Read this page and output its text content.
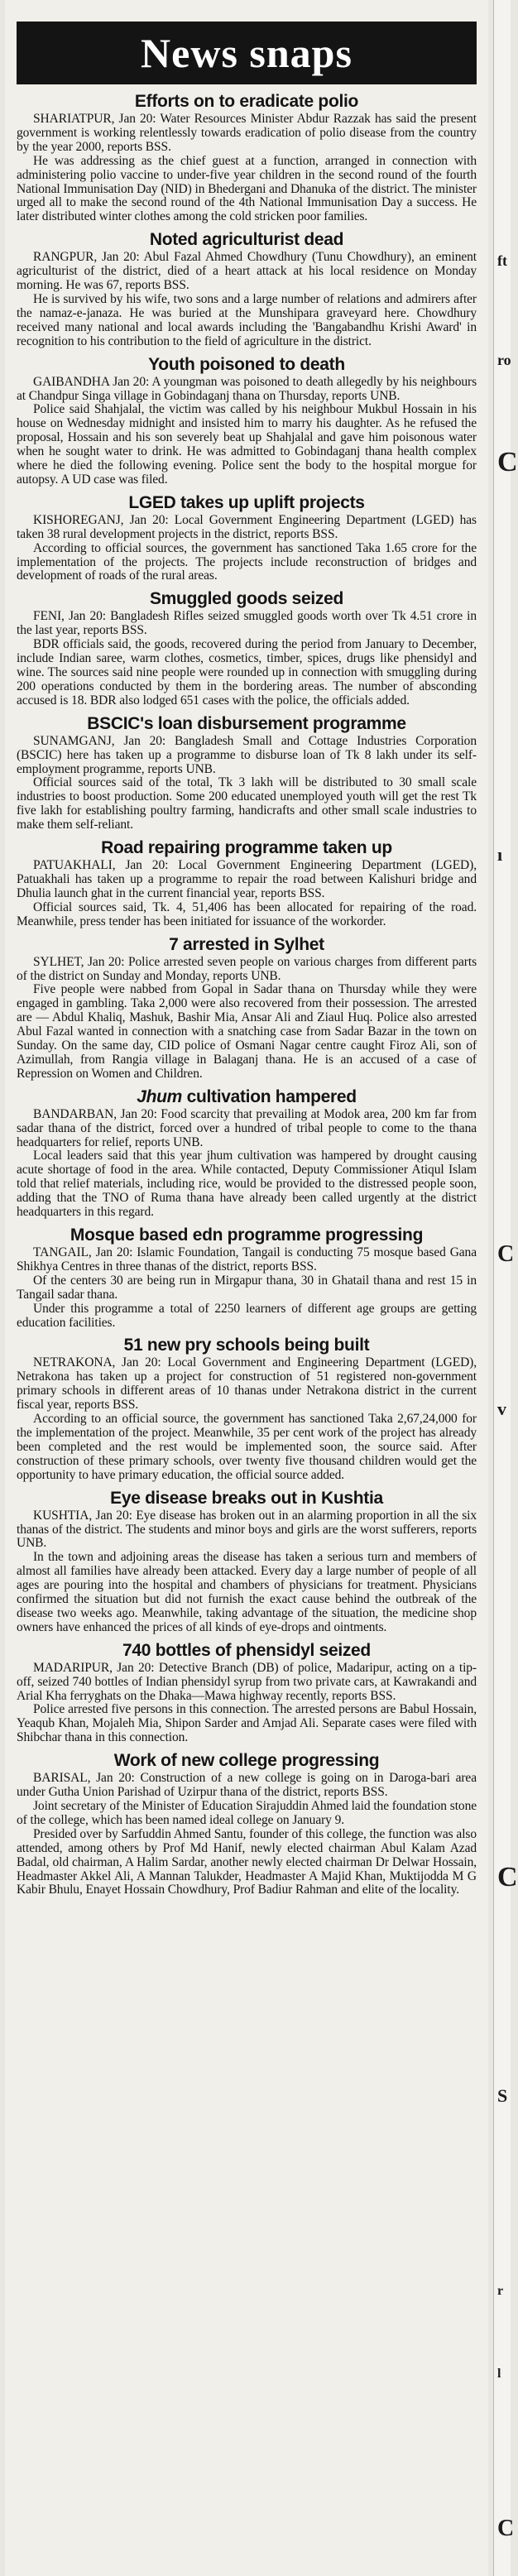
News snaps
Efforts on to eradicate polio

SHARIATPUR, Jan 20: Water Resources Minister Abdur Razzak has said the present government is working relentlessly towards eradication of polio disease from the country by the year 2000, reports BSS.

He was addressing as the chief guest at a function, arranged in connection with administering polio vaccine to under-five year children in the second round of the fourth National Immunisation Day (NID) in Bhedergani and Dhanuka of the district. The minister urged all to make the second round of the 4th National Immunisation Day a success. He later distributed winter clothes among the cold stricken poor families.

Noted agriculturist dead

RANGPUR, Jan 20: Abul Fazal Ahmed Chowdhury (Tunu Chowdhury), an eminent agriculturist of the district, died of a heart attack at his local residence on Monday morning. He was 67, reports BSS.

He is survived by his wife, two sons and a large number of relations and admirers after the namaz-e-janaza. He was buried at the Munshipara graveyard here. Chowdhury received many national and local awards including the 'Bangabandhu Krishi Award' in recognition to his contribution to the field of agriculture in the district.

Youth poisoned to death

GAIBANDHA Jan 20: A youngman was poisoned to death allegedly by his neighbours at Chandpur Singa village in Gobindaganj thana on Thursday, reports UNB.

Police said Shahjalal, the victim was called by his neighbour Mukbul Hossain in his house on Wednesday midnight and insisted him to marry his daughter. As he refused the proposal, Hossain and his son severely beat up Shahjalal and gave him poisonous water when he sought water to drink. He was admitted to Gobindaganj thana health complex where he died the following evening. Police sent the body to the hospital morgue for autopsy. A UD case was filed.

LGED takes up uplift projects

KISHOREGANJ, Jan 20: Local Government Engineering Department (LGED) has taken 38 rural development projects in the district, reports BSS.

According to official sources, the government has sanctioned Taka 1.65 crore for the implementation of the projects. The projects include reconstruction of bridges and development of roads of the rural areas.

Smuggled goods seized

FENI, Jan 20: Bangladesh Rifles seized smuggled goods worth over Tk 4.51 crore in the last year, reports BSS.

BDR officials said, the goods, recovered during the period from January to December, include Indian saree, warm clothes, cosmetics, timber, spices, drugs like phensidyl and wine. The sources said nine people were rounded up in connection with smuggling during 200 operations conducted by them in the bordering areas. The number of absconding accused is 18. BDR also lodged 651 cases with the police, the officials added.

BSCIC's loan disbursement programme

SUNAMGANJ, Jan 20: Bangladesh Small and Cottage Industries Corporation (BSCIC) here has taken up a programme to disburse loan of Tk 8 lakh under its self-employment programme, reports UNB.

Official sources said of the total, Tk 3 lakh will be distributed to 30 small scale industries to boost production. Some 200 educated unemployed youth will get the rest Tk five lakh for establishing poultry farming, handicrafts and other small scale industries to make them self-reliant.

Road repairing programme taken up

PATUAKHALI, Jan 20: Local Government Engineering Department (LGED), Patuakhali has taken up a programme to repair the road between Kalishuri bridge and Dhulia launch ghat in the current financial year, reports BSS.

Official sources said, Tk. 4, 51,406 has been allocated for repairing of the road. Meanwhile, press tender has been initiated for issuance of the workorder.

7 arrested in Sylhet

SYLHET, Jan 20: Police arrested seven people on various charges from different parts of the district on Sunday and Monday, reports UNB.

Five people were nabbed from Gopal in Sadar thana on Thursday while they were engaged in gambling. Taka 2,000 were also recovered from their possession. The arrested are — Abdul Khaliq, Mashuk, Bashir Mia, Ansar Ali and Ziaul Huq. Police also arrested Abul Fazal wanted in connection with a snatching case from Sadar Bazar in the town on Sunday. On the same day, CID police of Osmani Nagar centre caught Firoz Ali, son of Azimullah, from Rangia village in Balaganj thana. He is an accused of a case of Repression on Women and Children.

Jhum cultivation hampered

BANDARBAN, Jan 20: Food scarcity that prevailing at Modok area, 200 km far from sadar thana of the district, forced over a hundred of tribal people to come to the thana headquarters for relief, reports UNB.

Local leaders said that this year jhum cultivation was hampered by drought causing acute shortage of food in the area. While contacted, Deputy Commissioner Atiqul Islam told that relief materials, including rice, would be provided to the distressed people soon, adding that the TNO of Ruma thana have already been called urgently at the district headquarters in this regard.

Mosque based edn programme progressing

TANGAIL, Jan 20: Islamic Foundation, Tangail is conducting 75 mosque based Gana Shikhya Centres in three thanas of the district, reports BSS.

Of the centers 30 are being run in Mirgapur thana, 30 in Ghatail thana and rest 15 in Tangail sadar thana.

Under this programme a total of 2250 learners of different age groups are getting education facilities.

51 new pry schools being built

NETRAKONA, Jan 20: Local Government and Engineering Department (LGED), Netrakona has taken up a project for construction of 51 registered non-government primary schools in different areas of 10 thanas under Netrakona district in the current fiscal year, reports BSS.

According to an official source, the government has sanctioned Taka 2,67,24,000 for the implementation of the project. Meanwhile, 35 per cent work of the project has already been completed and the rest would be implemented soon, the source said. After construction of these primary schools, over twenty five thousand children would get the opportunity to have primary education, the official source added.

Eye disease breaks out in Kushtia

KUSHTIA, Jan 20: Eye disease has broken out in an alarming proportion in all the six thanas of the district. The students and minor boys and girls are the worst sufferers, reports UNB.

In the town and adjoining areas the disease has taken a serious turn and members of almost all families have already been attacked. Every day a large number of people of all ages are pouring into the hospital and chambers of physicians for treatment. Physicians confirmed the situation but did not furnish the exact cause behind the outbreak of the disease two weeks ago. Meanwhile, taking advantage of the situation, the medicine shop owners have enhanced the prices of all kinds of eye-drops and ointments.

740 bottles of phensidyl seized

MADARIPUR, Jan 20: Detective Branch (DB) of police, Madaripur, acting on a tip-off, seized 740 bottles of Indian phensidyl syrup from two private cars, at Kawrakandi and Arial Kha ferryghats on the Dhaka—Mawa highway recently, reports BSS.

Police arrested five persons in this connection. The arrested persons are Babul Hossain, Yeaqub Khan, Mojaleh Mia, Shipon Sarder and Amjad Ali. Separate cases were filed with Shibchar thana in this connection.

Work of new college progressing

BARISAL, Jan 20: Construction of a new college is going on in Daroga-bari area under Gutha Union Parishad of Uzirpur thana of the district, reports BSS.

Joint secretary of the Minister of Education Sirajuddin Ahmed laid the foundation stone of the college, which has been named ideal college on January 9.

Presided over by Sarfuddin Ahmed Santu, founder of this college, the function was also attended, among others by Prof Md Hanif, newly elected chairman Abul Kalam Azad Badal, old chairman, A Halim Sardar, another newly elected chairman Dr Delwar Hossain, Headmaster Akkel Ali, A Mannan Talukder, Headmaster A Majid Khan, Muktijodda M G Kabir Bhulu, Enayet Hossain Chowdhury, Prof Badiur Rahman and elite of the locality.

ft
ro
C
ı
C
v
C
S
r
l
C
